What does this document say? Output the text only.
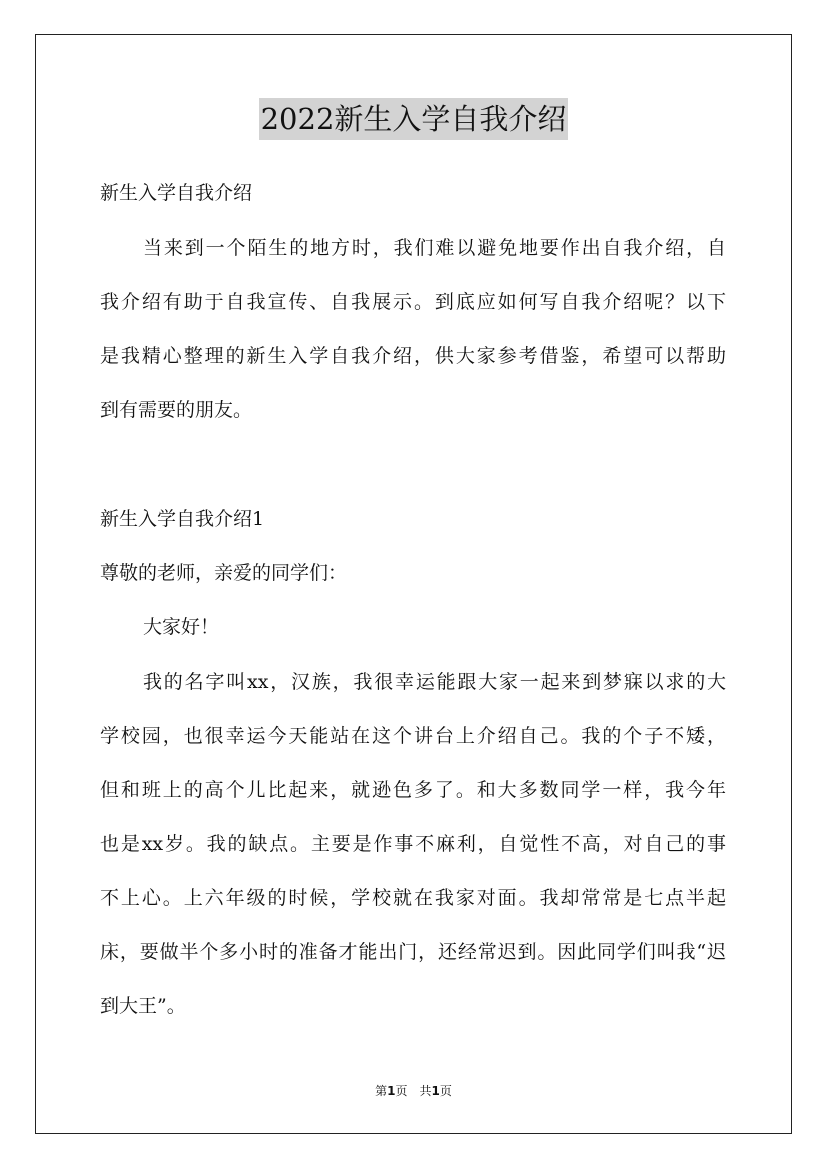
2022新生入学自我介绍
新生入学自我介绍
当来到一个陌生的地方时，我们难以避免地要作出自我介绍，自
我介绍有助于自我宣传、自我展示。到底应如何写自我介绍呢？以下
是我精心整理的新生入学自我介绍，供大家参考借鉴，希望可以帮助
到有需要的朋友。
新生入学自我介绍1
尊敬的老师，亲爱的同学们：
大家好！
我的名字叫xx，汉族，我很幸运能跟大家一起来到梦寐以求的大
学校园，也很幸运今天能站在这个讲台上介绍自己。我的个子不矮，
但和班上的高个儿比起来，就逊色多了。和大多数同学一样，我今年
也是xx岁。我的缺点。主要是作事不麻利，自觉性不高，对自己的事
不上心。上六年级的时候，学校就在我家对面。我却常常是七点半起
床，要做半个多小时的准备才能出门，还经常迟到。因此同学们叫我“迟
到大王”。
第1页　共1页
